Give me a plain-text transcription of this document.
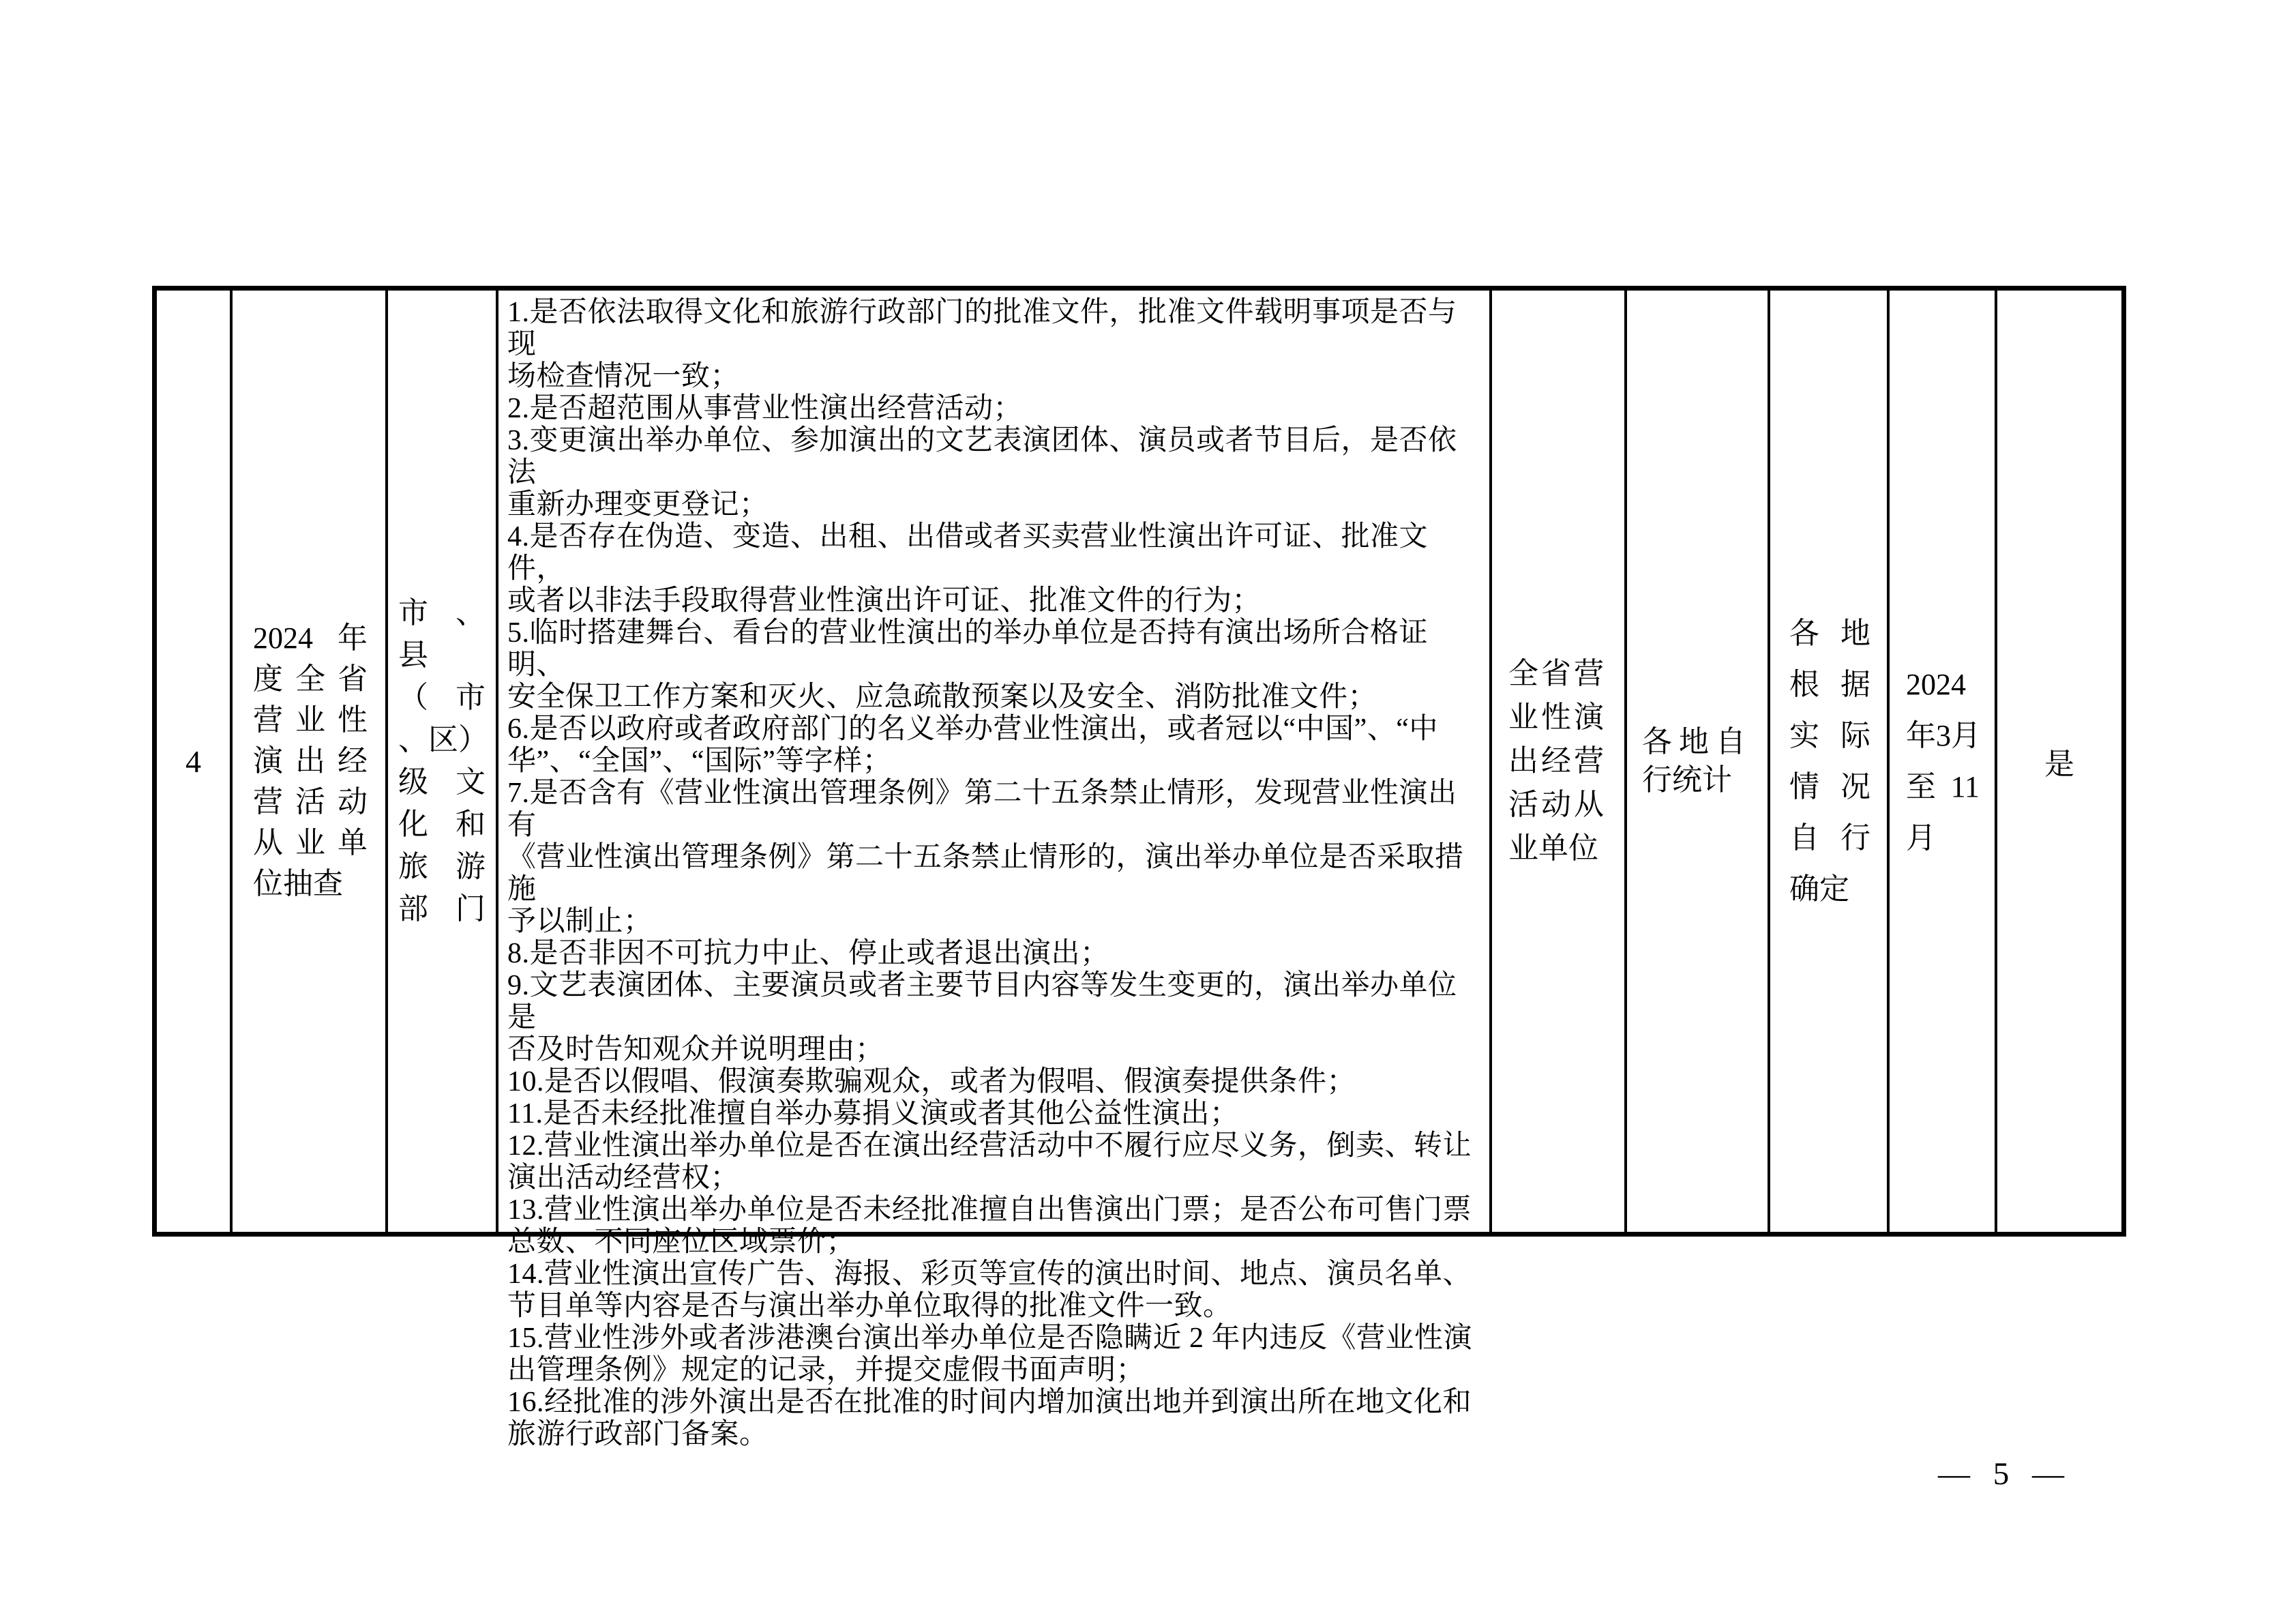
4
2024 年
度 全 省
营 业 性
演 出 经
营 活 动
从 业 单
位抽查
市 、
县
（ 市
、 区 ）
级 文
化 和
旅 游
部 门
1.是否依法取得文化和旅游行政部门的批准文件，批准文件载明事项是否与现
场检查情况一致；
2.是否超范围从事营业性演出经营活动；
3.变更演出举办单位、参加演出的文艺表演团体、演员或者节目后，是否依法
重新办理变更登记；
4.是否存在伪造、变造、出租、出借或者买卖营业性演出许可证、批准文件，
或者以非法手段取得营业性演出许可证、批准文件的行为；
5.临时搭建舞台、看台的营业性演出的举办单位是否持有演出场所合格证明、
安全保卫工作方案和灭火、应急疏散预案以及安全、消防批准文件；
6.是否以政府或者政府部门的名义举办营业性演出，或者冠以“中国”、“中
华”、“全国”、“国际”等字样；
7.是否含有《营业性演出管理条例》第二十五条禁止情形，发现营业性演出有
《营业性演出管理条例》第二十五条禁止情形的，演出举办单位是否采取措施
予以制止；
8.是否非因不可抗力中止、停止或者退出演出；
9.文艺表演团体、主要演员或者主要节目内容等发生变更的，演出举办单位是
否及时告知观众并说明理由；
10.是否以假唱、假演奏欺骗观众，或者为假唱、假演奏提供条件；
11.是否未经批准擅自举办募捐义演或者其他公益性演出；
12.营业性演出举办单位是否在演出经营活动中不履行应尽义务，倒卖、转让
演出活动经营权；
13.营业性演出举办单位是否未经批准擅自出售演出门票；是否公布可售门票
总数、不同座位区域票价；
14.营业性演出宣传广告、海报、彩页等宣传的演出时间、地点、演员名单、
节目单等内容是否与演出举办单位取得的批准文件一致。
15.营业性涉外或者涉港澳台演出举办单位是否隐瞒近 2 年内违反《营业性演
出管理条例》规定的记录，并提交虚假书面声明；
16.经批准的涉外演出是否在批准的时间内增加演出地并到演出所在地文化和
旅游行政部门备案。
全 省 营
业 性 演
出 经 营
活 动 从
业单位
各 地 自
行统计
各 地
根 据
实 际
情 况
自 行
确定
2024
年 3 月
至 11
月
是
— 5 —
